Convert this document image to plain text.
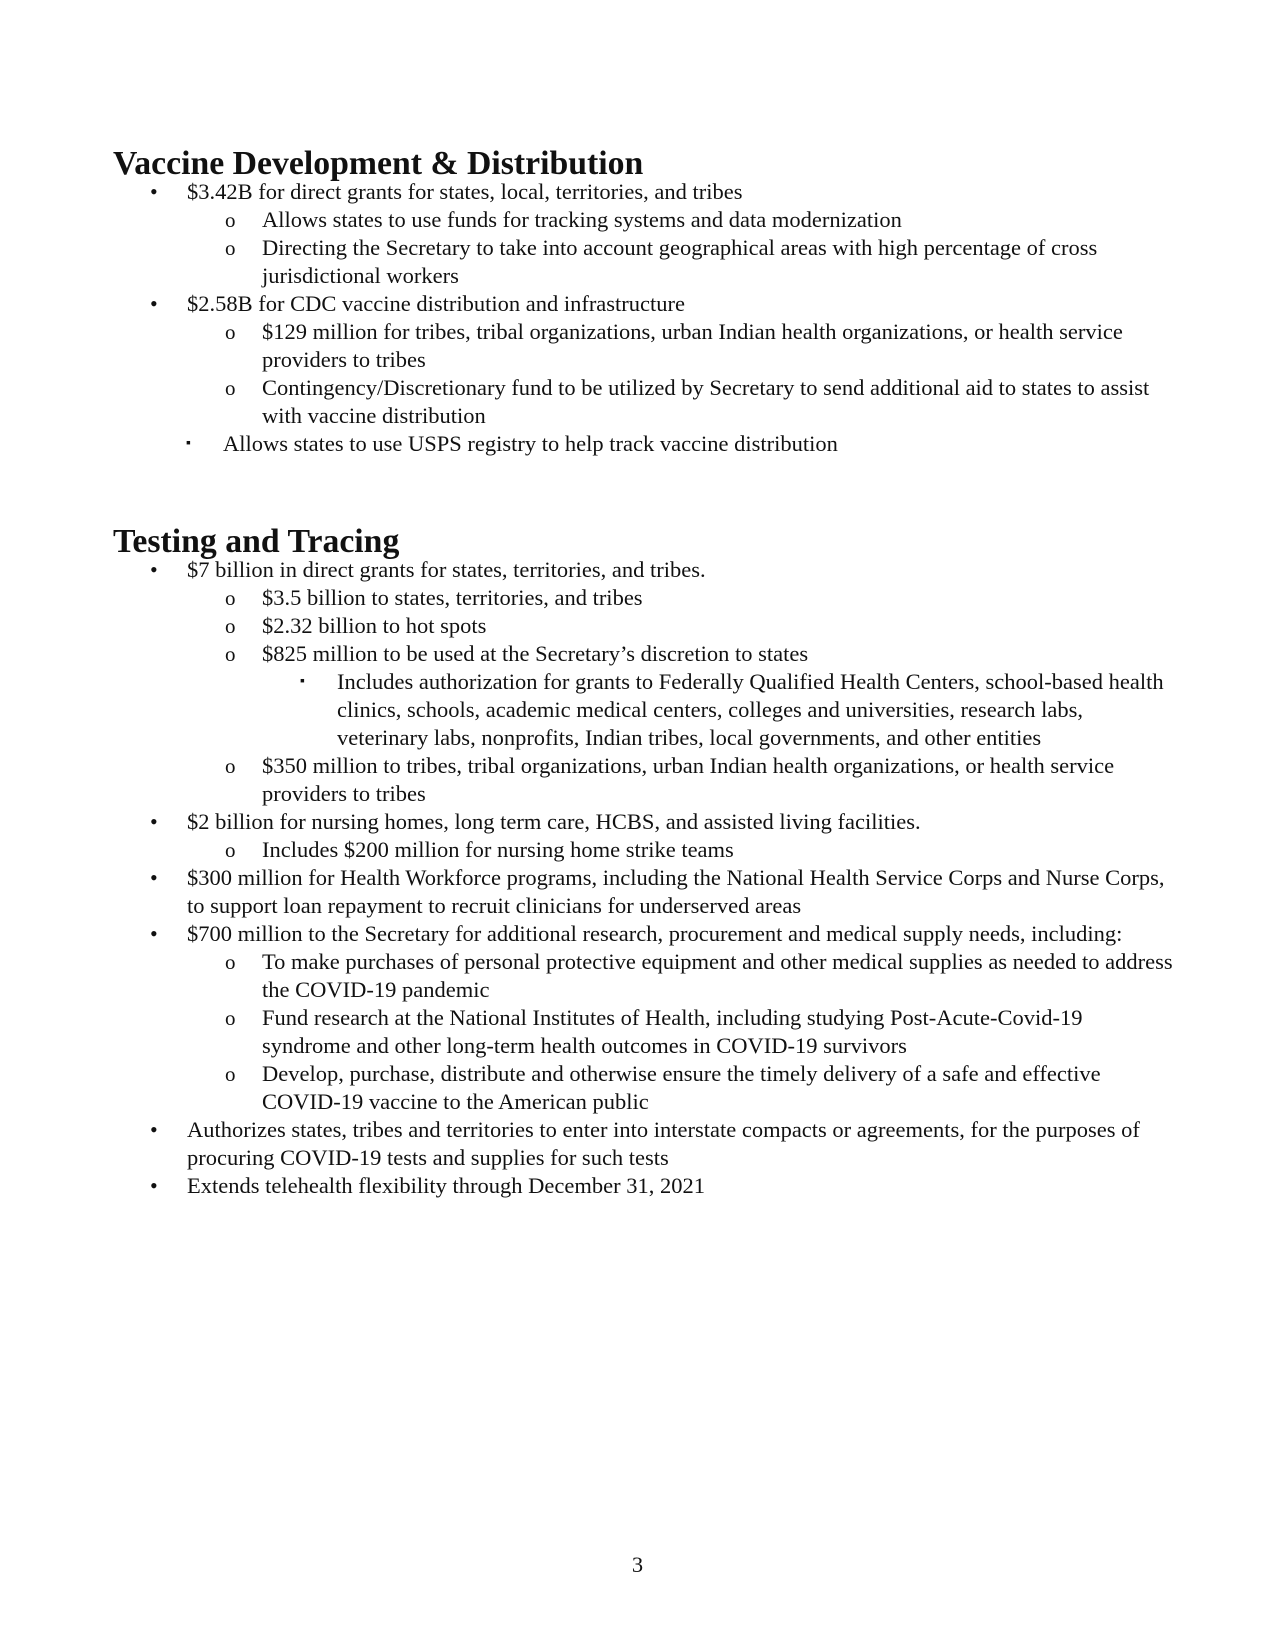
Vaccine Development & Distribution

• $3.42B for direct grants for states, local, territories, and tribes

o Allows states to use funds for tracking systems and data modernization

o Directing the Secretary to take into account geographical areas with high percentage of cross jurisdictional workers

• $2.58B for CDC vaccine distribution and infrastructure

o $129 million for tribes, tribal organizations, urban Indian health organizations, or health service providers to tribes

o Contingency/Discretionary fund to be utilized by Secretary to send additional aid to states to assist with vaccine distribution

▪ Allows states to use USPS registry to help track vaccine distribution

Testing and Tracing

• $7 billion in direct grants for states, territories, and tribes.

o $3.5 billion to states, territories, and tribes

o $2.32 billion to hot spots

o $825 million to be used at the Secretary’s discretion to states

▪ Includes authorization for grants to Federally Qualified Health Centers, school-based health clinics, schools, academic medical centers, colleges and universities, research labs, veterinary labs, nonprofits, Indian tribes, local governments, and other entities

o $350 million to tribes, tribal organizations, urban Indian health organizations, or health service providers to tribes

• $2 billion for nursing homes, long term care, HCBS, and assisted living facilities.

o Includes $200 million for nursing home strike teams

• $300 million for Health Workforce programs, including the National Health Service Corps and Nurse Corps, to support loan repayment to recruit clinicians for underserved areas

• $700 million to the Secretary for additional research, procurement and medical supply needs, including:

o To make purchases of personal protective equipment and other medical supplies as needed to address the COVID-19 pandemic

o Fund research at the National Institutes of Health, including studying Post-Acute-Covid-19 syndrome and other long-term health outcomes in COVID-19 survivors

o Develop, purchase, distribute and otherwise ensure the timely delivery of a safe and effective COVID-19 vaccine to the American public

• Authorizes states, tribes and territories to enter into interstate compacts or agreements, for the purposes of procuring COVID-19 tests and supplies for such tests

• Extends telehealth flexibility through December 31, 2021

3
